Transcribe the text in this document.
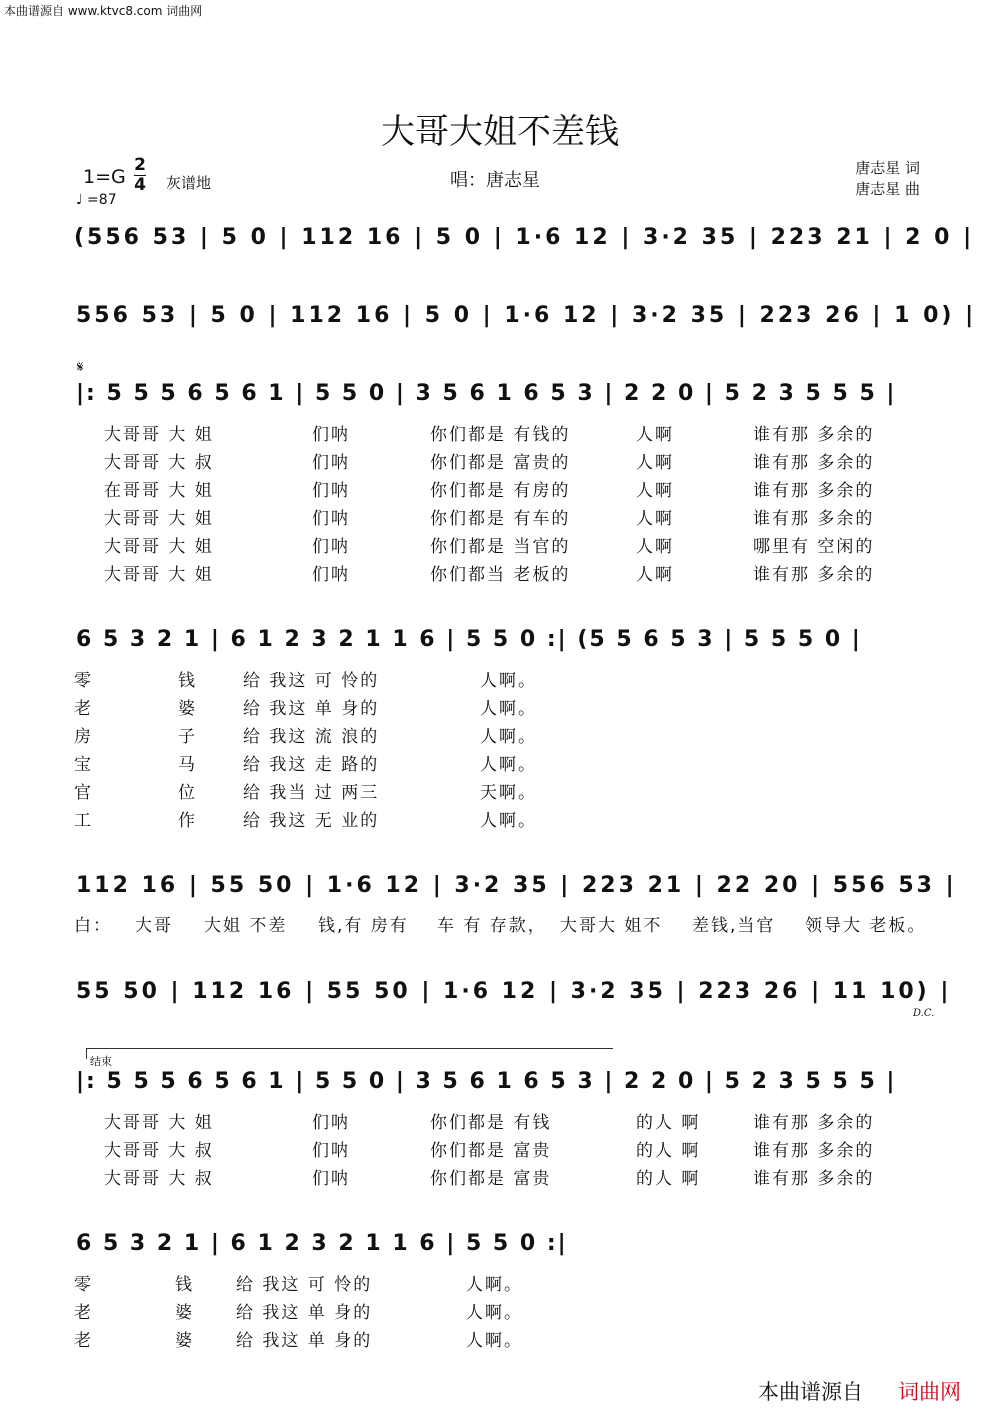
本曲谱源自 www.ktvc8.com 词曲网
大哥大姐不差钱
1=G
2
4 灰谱地
♩ =87
唱：唐志星
唐志星 词
唐志星 曲
(556 53 | 5 0 | 112 16 | 5 0 | 1·6 12 | 3·2 35 | 223 21 | 2 0 |
556 53 | 5 0 | 112 16 | 5 0 | 1·6 12 | 3·2 35 | 223 26 | 1 0) |
𝄋
|: 5 5 5 6 5 6 1 | 5 5 0 | 3 5 6 1 6 5 3 | 2 2 0 | 5 2 3 5 5 5 |
大哥哥 大 姐	们呐	你们都是 有钱的	人啊	谁有那 多余的
大哥哥 大 叔	们呐	你们都是 富贵的	人啊	谁有那 多余的
在哥哥 大 姐	们呐	你们都是 有房的	人啊	谁有那 多余的
大哥哥 大 姐	们呐	你们都是 有车的	人啊	谁有那 多余的
大哥哥 大 姐	们呐	你们都是 当官的	人啊	哪里有 空闲的
大哥哥 大 姐	们呐	你们都当 老板的	人啊	谁有那 多余的
6 5 3 2 1 | 6 1 2 3 2 1 1 6 | 5 5 0 :| (5 5 6 5 3 | 5 5 5 0 |
零	钱	给 我这 可 怜的	人啊。
老	婆	给 我这 单 身的	人啊。
房	子	给 我这 流 浪的	人啊。
宝	马	给 我这 走 路的	人啊。
官	位	给 我当 过 两三	天啊。
工	作	给 我这 无 业的	人啊。
112 16 | 55 50 | 1·6 12 | 3·2 35 | 223 21 | 22 20 | 556 53 |
白： 大哥 大姐 不差 钱,有 房有 车 有 存款， 大哥大 姐不 差钱,当官 领导大 老板。
55 50 | 112 16 | 55 50 | 1·6 12 | 3·2 35 | 223 26 | 11 10) |
D.C.
结束
|: 5 5 5 6 5 6 1 | 5 5 0 | 3 5 6 1 6 5 3 | 2 2 0 | 5 2 3 5 5 5 |
大哥哥 大 姐	们呐	你们都是 有钱	的人 啊	谁有那 多余的
大哥哥 大 叔	们呐	你们都是 富贵	的人 啊	谁有那 多余的
大哥哥 大 叔	们呐	你们都是 富贵	的人 啊	谁有那 多余的
6 5 3 2 1 | 6 1 2 3 2 1 1 6 | 5 5 0 :|
零	钱 给 我这 可 怜的	人啊。
老	婆 给 我这 单 身的	人啊。
老	婆 给 我这 单 身的	人啊。
本曲谱源自 词曲网
